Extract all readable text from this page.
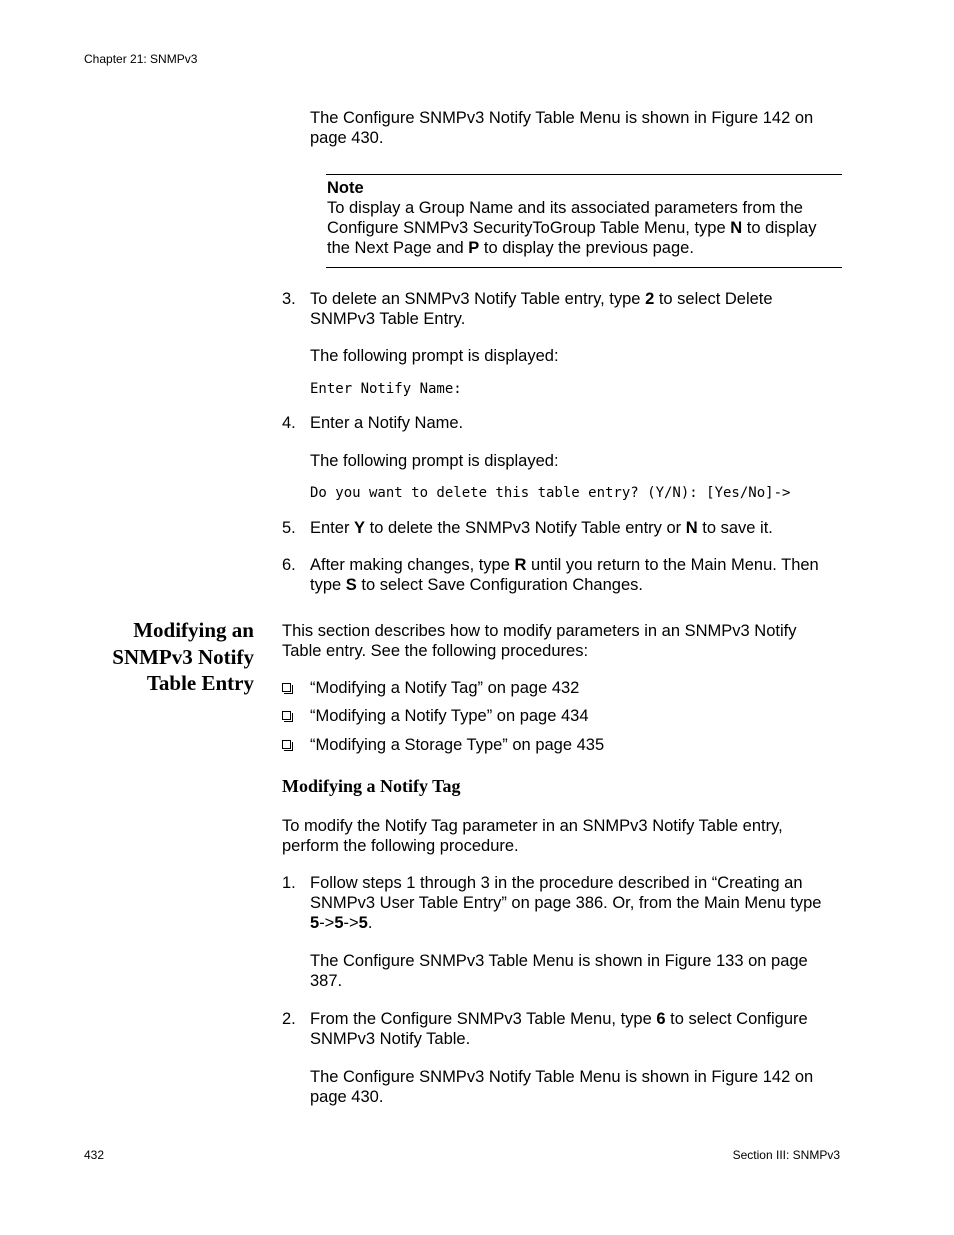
Chapter 21: SNMPv3
The Configure SNMPv3 Notify Table Menu is shown in Figure 142 on
page 430.
Note
To display a Group Name and its associated parameters from the
Configure SNMPv3 SecurityToGroup Table Menu, type N to display
the Next Page and P to display the previous page.
3. To delete an SNMPv3 Notify Table entry, type 2 to select Delete
SNMPv3 Table Entry.
The following prompt is displayed:
Enter Notify Name:
4. Enter a Notify Name.
The following prompt is displayed:
Do you want to delete this table entry? (Y/N): [Yes/No]->
5. Enter Y to delete the SNMPv3 Notify Table entry or N to save it.
6. After making changes, type R until you return to the Main Menu. Then
type S to select Save Configuration Changes.
Modifying an
SNMPv3 Notify
Table Entry
This section describes how to modify parameters in an SNMPv3 Notify
Table entry. See the following procedures:
“Modifying a Notify Tag” on page 432
“Modifying a Notify Type” on page 434
“Modifying a Storage Type” on page 435
Modifying a Notify Tag
To modify the Notify Tag parameter in an SNMPv3 Notify Table entry,
perform the following procedure.
1. Follow steps 1 through 3 in the procedure described in “Creating an
SNMPv3 User Table Entry” on page 386. Or, from the Main Menu type
5->5->5.
The Configure SNMPv3 Table Menu is shown in Figure 133 on page
387.
2. From the Configure SNMPv3 Table Menu, type 6 to select Configure
SNMPv3 Notify Table.
The Configure SNMPv3 Notify Table Menu is shown in Figure 142 on
page 430.
432	Section III: SNMPv3
